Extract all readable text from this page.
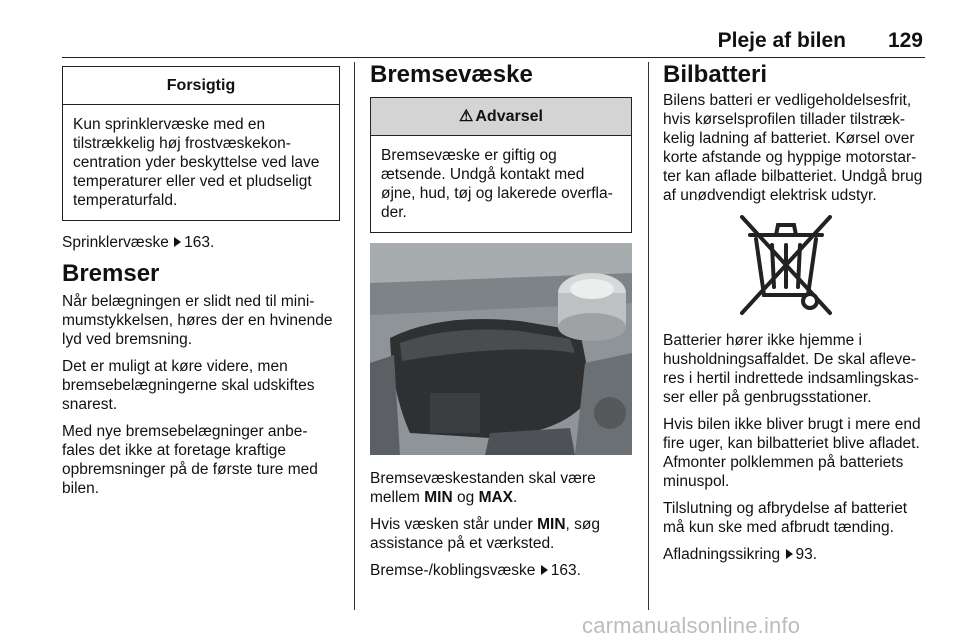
Pleje af bilen 129
Forsigtig
Kun sprinklervæske med en tilstrækkelig høj frostvæskekon-centration yder beskyttelse ved lave temperaturer eller ved et pludseligt temperaturfald.

Sprinklervæske 163.

Bremser

Når belægningen er slidt ned til mini-mumstykkelsen, høres der en hvinende lyd ved bremsning.

Det er muligt at køre videre, men bremsebelægningerne skal udskiftes snarest.

Med nye bremsebelægninger anbe-fales det ikke at foretage kraftige opbremsninger på de første ture med bilen.

Bremsevæske
⚠ Advarsel
Bremsevæske er giftig og ætsende. Undgå kontakt med øjne, hud, tøj og lakerede overfla-der.

Bremsevæskestanden skal være mellem MIN og MAX.

Hvis væsken står under MIN, søg assistance på et værksted.

Bremse-/koblingsvæske 163.

Bilbatteri

Bilens batteri er vedligeholdelsesfrit, hvis kørselsprofilen tillader tilstræk-kelig ladning af batteriet. Kørsel over korte afstande og hyppige motorstar-ter kan aflade bilbatteriet. Undgå brug af unødvendigt elektrisk udstyr.

Batterier hører ikke hjemme i husholdningsaffaldet. De skal afleve-res i hertil indrettede indsamlingskas-ser eller på genbrugsstationer.

Hvis bilen ikke bliver brugt i mere end fire uger, kan bilbatteriet blive afladet. Afmonter polklemmen på batteriets minuspol.

Tilslutning og afbrydelse af batteriet må kun ske med afbrudt tænding.

Afladningssikring 93.

carmanualsonline.info
